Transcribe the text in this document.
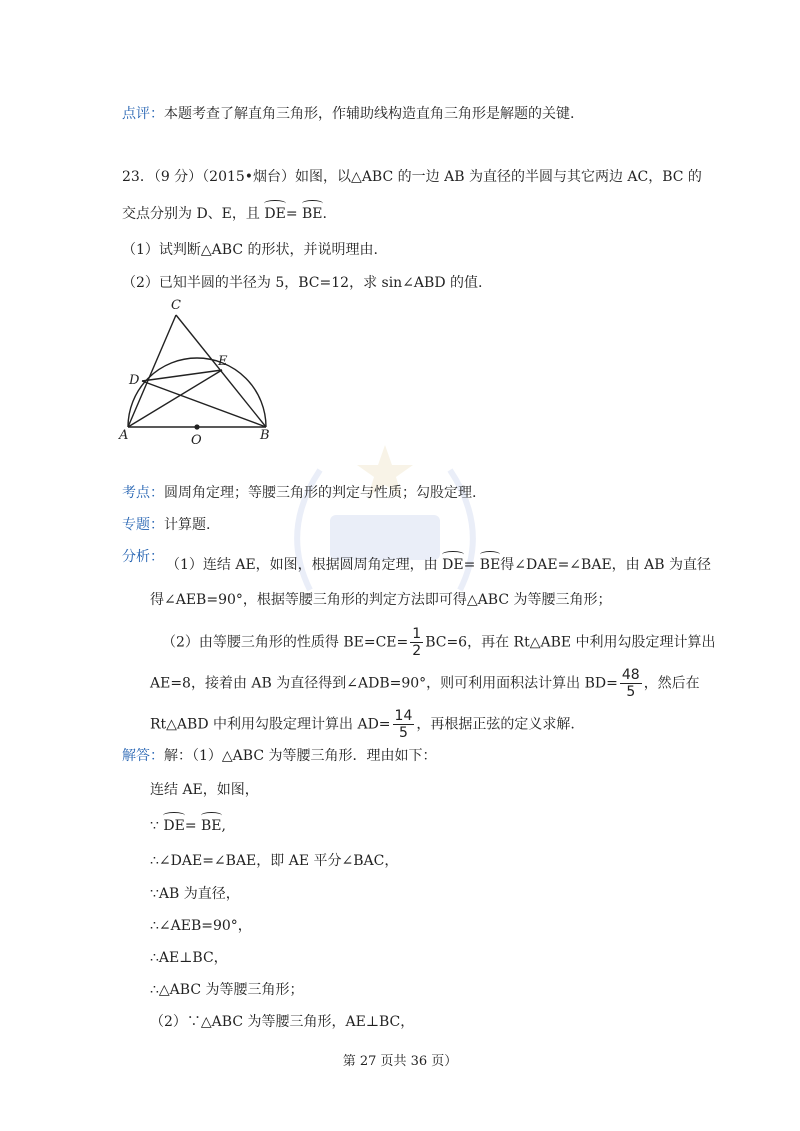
点评：本题考查了解直角三角形，作辅助线构造直角三角形是解题的关键.
23．（9 分）（2015•烟台）如图，以△ABC 的一边 AB 为直径的半圆与其它两边 AC，BC 的
交点分别为 D、E，且 DE= BE.
（1）试判断△ABC 的形状，并说明理由.
（2）已知半圆的半径为 5，BC=12，求 sin∠ABD 的值.
C
E
D
A	O	B
考点：圆周角定理；等腰三角形的判定与性质；勾股定理.
专题：计算题.
分析： （1）连结 AE，如图，根据圆周角定理，由 DE= BE得∠DAE=∠BAE，由 AB 为直径
得∠AEB=90°，根据等腰三角形的判定方法即可得△ABC 为等腰三角形；
（2）由等腰三角形的性质得 $BE=CE= \frac{1}{2} BC=6$，再在 Rt△ABE 中利用勾股定理计算出
AE=8，接着由 AB 为直径得到∠ADB=90°，则可利用面积法计算出 $BD= \frac{48}{5}$ ，然后在
Rt△ABD 中利用勾股定理计算出 $AD= \frac{14}{5}$ ，再根据正弦的定义求解.
解答：解：（1）△ABC 为等腰三角形．理由如下：
连结 AE，如图，
∵ DE= BE,
∴∠DAE=∠BAE，即 AE 平分∠BAC，
∵AB 为直径，
∴∠AEB=90°，
∴AE⊥BC，
∴△ABC 为等腰三角形；
（2）∵△ABC 为等腰三角形，AE⊥BC，
第 27 页共 36 页）
